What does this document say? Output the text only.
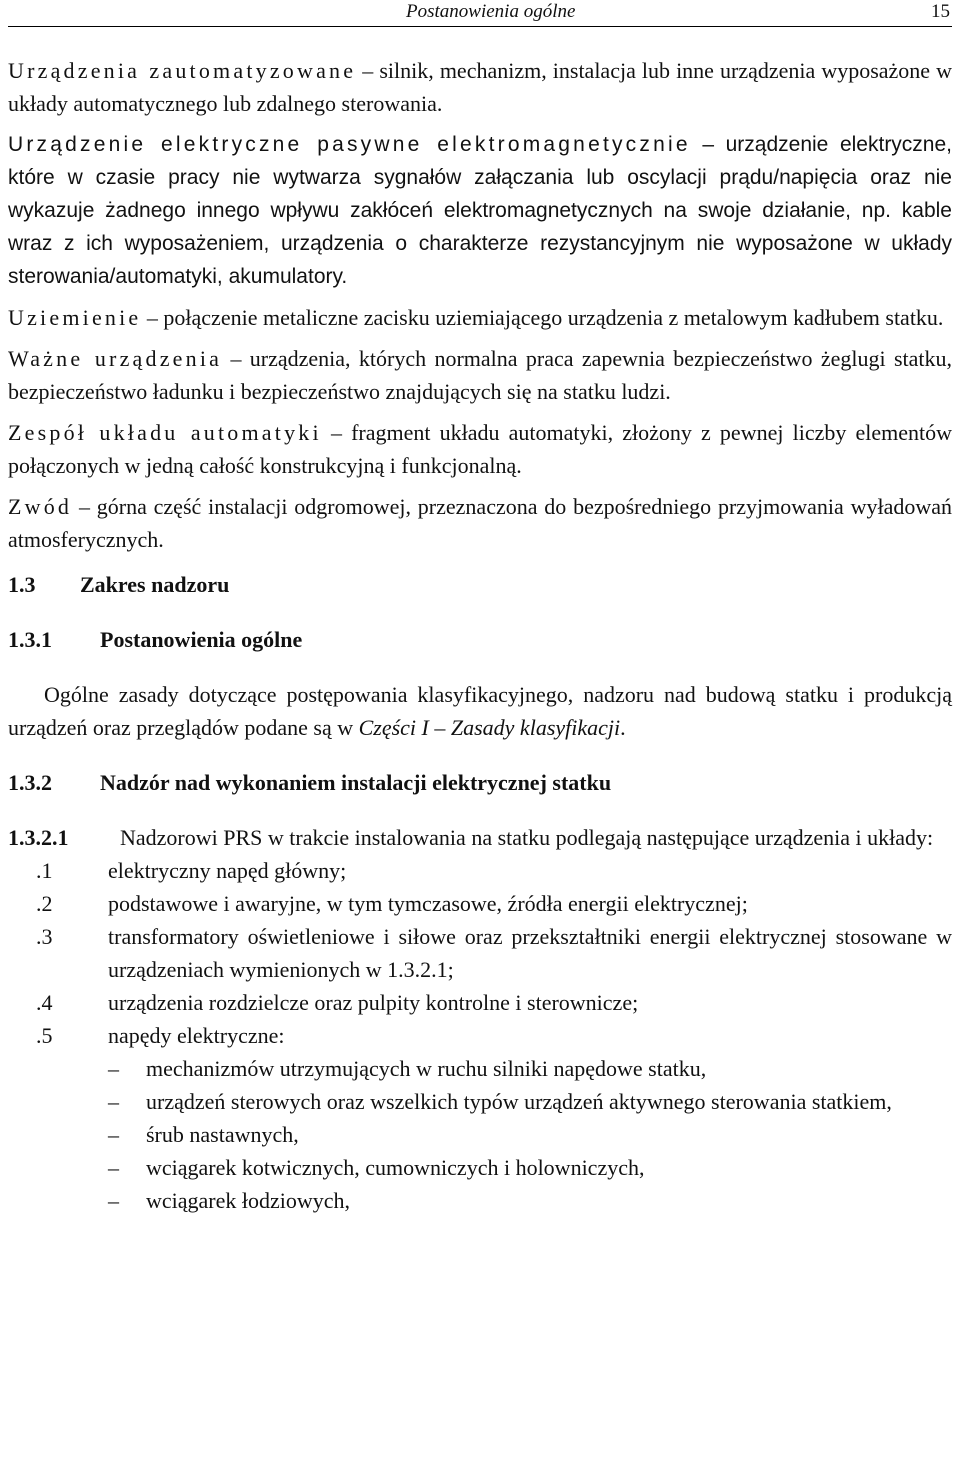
Postanowienia ogólne	15

Urządzenia zautomatyzowane – silnik, mechanizm, instalacja lub inne urządzenia wyposażone w układy automatycznego lub zdalnego sterowania.

Urządzenie elektryczne pasywne elektromagnetycznie – urządzenie elektryczne, które w czasie pracy nie wytwarza sygnałów załączania lub oscylacji prądu/napięcia oraz nie wykazuje żadnego innego wpływu zakłóceń elektromagnetycznych na swoje działanie, np. kable wraz z ich wyposażeniem, urządzenia o charakterze rezystancyjnym nie wyposażone w układy sterowania/automatyki, akumulatory.

Uziemienie – połączenie metaliczne zacisku uziemiającego urządzenia z metalowym kadłubem statku.

Ważne urządzenia – urządzenia, których normalna praca zapewnia bezpieczeństwo żeglugi statku, bezpieczeństwo ładunku i bezpieczeństwo znajdujących się na statku ludzi.

Zespół układu automatyki – fragment układu automatyki, złożony z pewnej liczby elementów połączonych w jedną całość konstrukcyjną i funkcjonalną.

Zwód – górna część instalacji odgromowej, przeznaczona do bezpośredniego przyjmowania wyładowań atmosferycznych.

1.3 Zakres nadzoru
1.3.1 Postanowienia ogólne

Ogólne zasady dotyczące postępowania klasyfikacyjnego, nadzoru nad budową statku i produkcją urządzeń oraz przeglądów podane są w Części I – Zasady klasyfikacji.

1.3.2 Nadzór nad wykonaniem instalacji elektrycznej statku

1.3.2.1 Nadzorowi PRS w trakcie instalowania na statku podlegają następujące urządzenia i układy:

.1	elektryczny napęd główny;
.2	podstawowe i awaryjne, w tym tymczasowe, źródła energii elektrycznej;
.3	transformatory oświetleniowe i siłowe oraz przekształtniki energii elektrycznej stosowane w urządzeniach wymienionych w 1.3.2.1;
.4	urządzenia rozdzielcze oraz pulpity kontrolne i sterownicze;
.5	napędy elektryczne:
– mechanizmów utrzymujących w ruchu silniki napędowe statku,
– urządzeń sterowych oraz wszelkich typów urządzeń aktywnego sterowania statkiem,
– śrub nastawnych,
– wciągarek kotwicznych, cumowniczych i holowniczych,
– wciągarek łodziowych,
